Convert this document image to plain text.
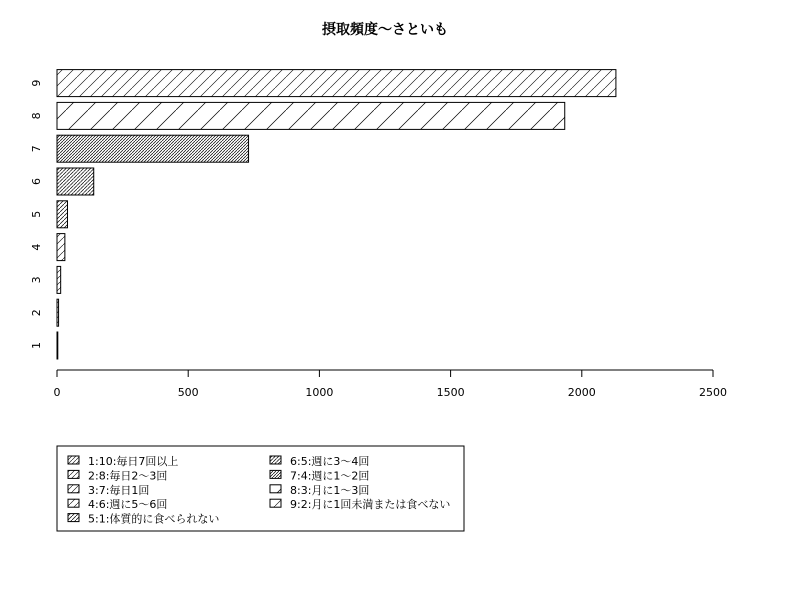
摂取頻度〜さといも
1
2
3
4
5
6
7
8
9
0	500	1000	1500	2000	2500
1:10:毎日7回以上
2:8:毎日2〜3回
3:7:毎日1回
4:6:週に5〜6回
5:1:体質的に食べられない
6:5:週に3〜4回
7:4:週に1〜2回
8:3:月に1〜3回
9:2:月に1回未満または食べない
